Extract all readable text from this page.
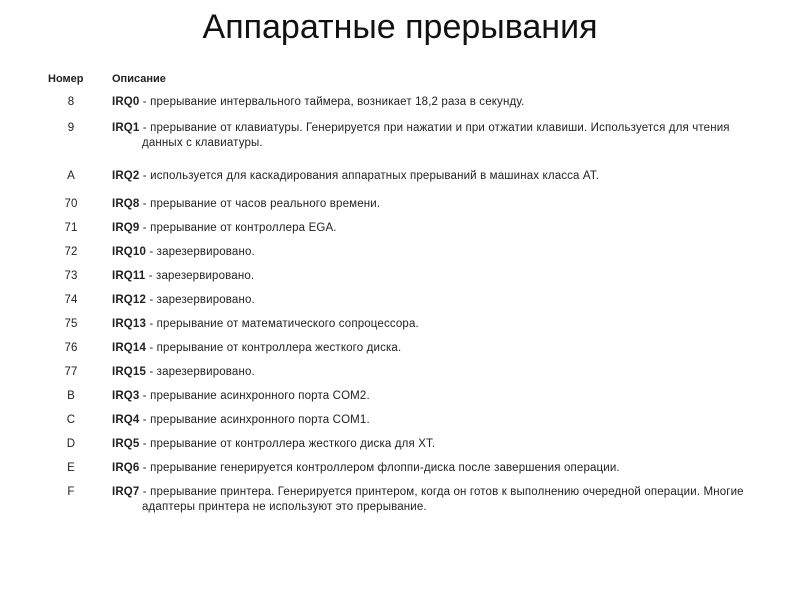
Аппаратные прерывания
Номер	Описание
8	IRQ0 - прерывание интервального таймера, возникает 18,2 раза в секунду.
9	IRQ1 - прерывание от клавиатуры. Генерируется при нажатии и при отжатии клавиши. Используется для чтения данных с клавиатуры.
A	IRQ2 - используется для каскадирования аппаратных прерываний в машинах класса АТ.
70	IRQ8 - прерывание от часов реального времени.
71	IRQ9 - прерывание от контроллера EGA.
72	IRQ10 - зарезервировано.
73	IRQ11 - зарезервировано.
74	IRQ12 - зарезервировано.
75	IRQ13 - прерывание от математического сопроцессора.
76	IRQ14 - прерывание от контроллера жесткого диска.
77	IRQ15 - зарезервировано.
B	IRQ3 - прерывание асинхронного порта COM2.
C	IRQ4 - прерывание асинхронного порта COM1.
D	IRQ5 - прерывание от контроллера жесткого диска для XT.
E	IRQ6 - прерывание генерируется контроллером флоппи-диска после завершения операции.
F	IRQ7 - прерывание принтера. Генерируется принтером, когда он готов к выполнению очередной операции. Многие адаптеры принтера не используют это прерывание.
